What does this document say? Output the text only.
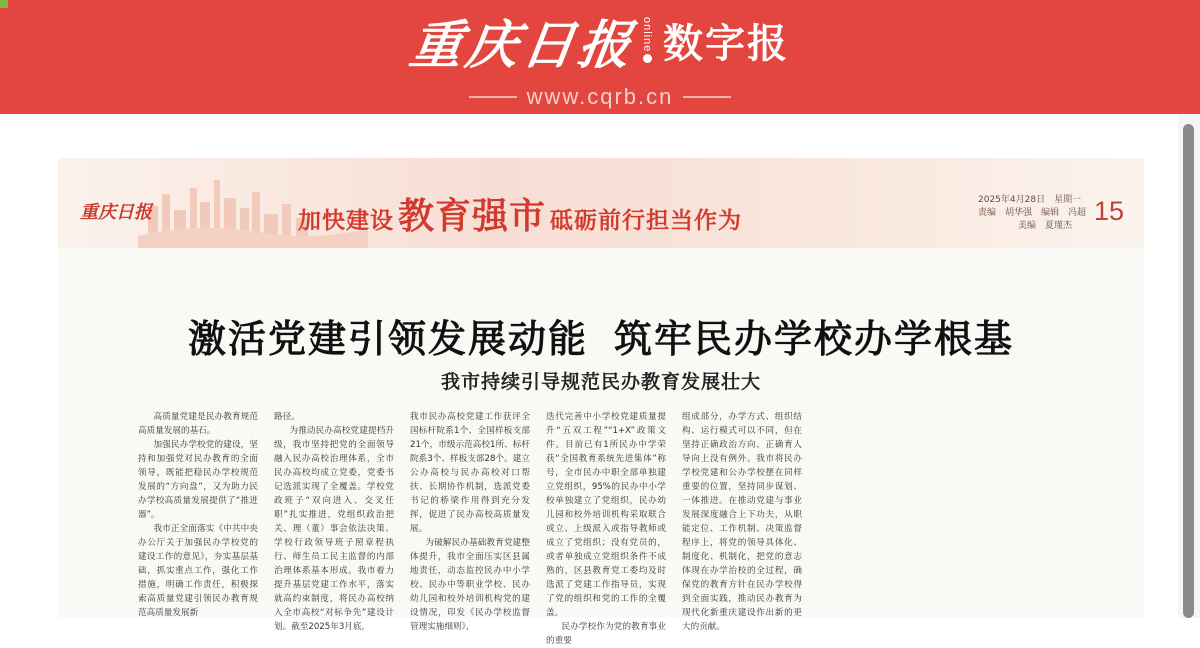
重庆日报 online 数字报
www.cqrb.cn
重庆日报	加快建设 教育强市 砥砺前行担当作为
2025年4月28日　星期一
责编　胡华强　编辑　冯超
美编　夏瑾杰 15
激活党建引领发展动能 筑牢民办学校办学根基
我市持续引导规范民办教育发展壮大

高质量党建是民办教育规范高质量发展的基石。

加强民办学校党的建设，坚持和加强党对民办教育的全面领导，既能把稳民办学校规范发展的“方向盘”，又为助力民办学校高质量发展提供了“推进器”。

我市正全面落实《中共中央办公厅关于加强民办学校党的建设工作的意见》，夯实基层基础，抓实重点工作，强化工作措施，明确工作责任，积极探索高质量党建引领民办教育规范高质量发展新

路径。

为推动民办高校党建提档升级，我市坚持把党的全面领导融入民办高校治理体系，全市民办高校均成立党委，党委书记选派实现了全覆盖。学校党政班子“双向进入、交叉任职”扎实推进，党组织政治把关、理（董）事会依法决策、学校行政领导班子照章程执行、师生员工民主监督的内部治理体系基本形成。我市着力提升基层党建工作水平，落实就高约束制度，将民办高校纳入全市高校“对标争先”建设计划。截至2025年3月底，

我市民办高校党建工作获评全国标杆院系1个、全国样板支部21个，市级示范高校1所、标杆院系3个、样板支部28个。建立公办高校与民办高校对口帮扶、长期协作机制，选派党委书记的桥梁作用得到充分发挥，促进了民办高校高质量发展。

为破解民办基础教育党建整体提升，我市全面压实区县属地责任，动态监控民办中小学校、民办中等职业学校、民办幼儿园和校外培训机构党的建设情况，印发《民办学校监督管理实施细则》，

迭代完善中小学校党建质量提升“五双工程”“1+X”政策文件。目前已有1所民办中学荣获“全国教育系统先进集体”称号，全市民办中职全部单独建立党组织，95%的民办中小学校单独建立了党组织，民办幼儿园和校外培训机构采取联合或立、上级派入或指导教师或成立了党组织；没有党员的，或者单独成立党组织条件不成熟的，区县教育党工委均及时选派了党建工作指导员，实现了党的组织和党的工作的全覆盖。

民办学校作为党的教育事业的重要

组成部分，办学方式、组织结构、运行模式可以不同，但在坚持正确政治方向、正确育人导向上没有例外。我市将民办学校党建和公办学校摆在同样重要的位置，坚持同步谋划、一体推进。在推动党建与事业发展深度融合上下功夫，从职能定位、工作机制、决策监督程序上，将党的领导具体化、制度化、机制化，把党的意志体现在办学治校的全过程，确保党的教育方针在民办学校得到全面实践，推动民办教育为现代化新重庆建设作出新的更大的贡献。
